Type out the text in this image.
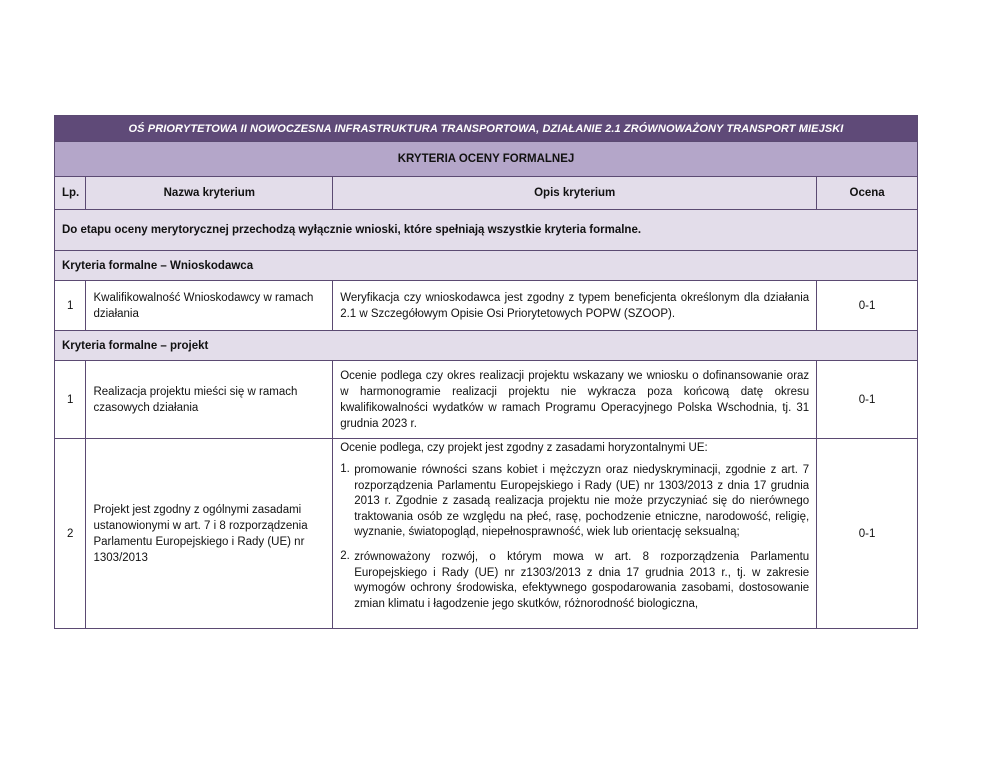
OŚ PRIORYTETOWA II NOWOCZESNA INFRASTRUKTURA TRANSPORTOWA, DZIAŁANIE 2.1 ZRÓWNOWAŻONY TRANSPORT MIEJSKI			
KRYTERIA OCENY FORMALNEJ			
Lp.	Nazwa kryterium	Opis kryterium	Ocena
Do etapu oceny merytorycznej przechodzą wyłącznie wnioski, które spełniają wszystkie kryteria formalne.			
Kryteria formalne – Wnioskodawca			
1	Kwalifikowalność Wnioskodawcy w ramach działania	Weryfikacja czy wnioskodawca jest zgodny z typem beneficjenta określonym dla działania 2.1 w Szczegółowym Opisie Osi Priorytetowych POPW (SZOOP).	0-1
Kryteria formalne – projekt			
1	Realizacja projektu mieści się w ramach czasowych działania	Ocenie podlega czy okres realizacji projektu wskazany we wniosku o dofinansowanie oraz w harmonogramie realizacji projektu nie wykracza poza końcową datę okresu kwalifikowalności wydatków w ramach Programu Operacyjnego Polska Wschodnia, tj. 31 grudnia 2023 r.	0-1
2	Projekt jest zgodny z ogólnymi zasadami ustanowionymi w art. 7 i 8 rozporządzenia Parlamentu Europejskiego i Rady (UE) nr 1303/2013	Ocenie podlega, czy projekt jest zgodny z zasadami horyzontalnymi UE:
1. promowanie równości szans kobiet i mężczyzn oraz niedyskryminacji, zgodnie z art. 7 rozporządzenia Parlamentu Europejskiego i Rady (UE) nr 1303/2013 z dnia 17 grudnia 2013 r. Zgodnie z zasadą realizacja projektu nie może przyczyniać się do nierównego traktowania osób ze względu na płeć, rasę, pochodzenie etniczne, narodowość, religię, wyznanie, światopogląd, niepełnosprawność, wiek lub orientację seksualną;
2. zrównoważony rozwój, o którym mowa w art. 8 rozporządzenia Parlamentu Europejskiego i Rady (UE) nr z1303/2013 z dnia 17 grudnia 2013 r., tj. w zakresie wymogów ochrony środowiska, efektywnego gospodarowania zasobami, dostosowanie zmian klimatu i łagodzenie jego skutków, różnorodność biologiczna,	0-1
